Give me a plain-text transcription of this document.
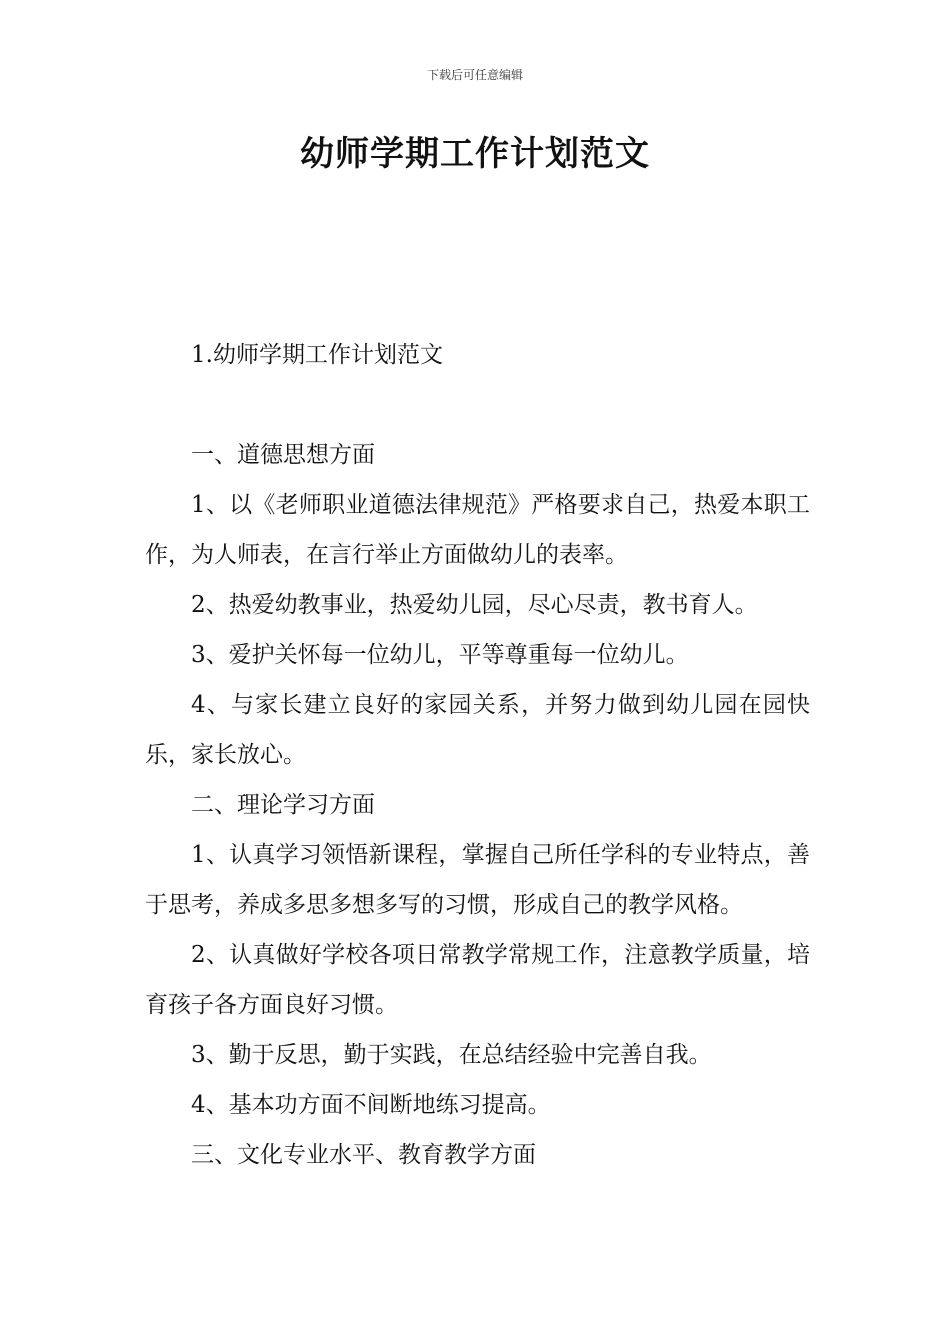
下载后可任意编辑
幼师学期工作计划范文

1.幼师学期工作计划范文

一、道德思想方面

1、以《老师职业道德法律规范》严格要求自己，热爱本职工作，为人师表，在言行举止方面做幼儿的表率。

2、热爱幼教事业，热爱幼儿园，尽心尽责，教书育人。

3、爱护关怀每一位幼儿，平等尊重每一位幼儿。

4、与家长建立良好的家园关系，并努力做到幼儿园在园快乐，家长放心。

二、理论学习方面

1、认真学习领悟新课程，掌握自己所任学科的专业特点，善于思考，养成多思多想多写的习惯，形成自己的教学风格。

2、认真做好学校各项日常教学常规工作，注意教学质量，培育孩子各方面良好习惯。

3、勤于反思，勤于实践，在总结经验中完善自我。

4、基本功方面不间断地练习提高。

三、文化专业水平、教育教学方面
